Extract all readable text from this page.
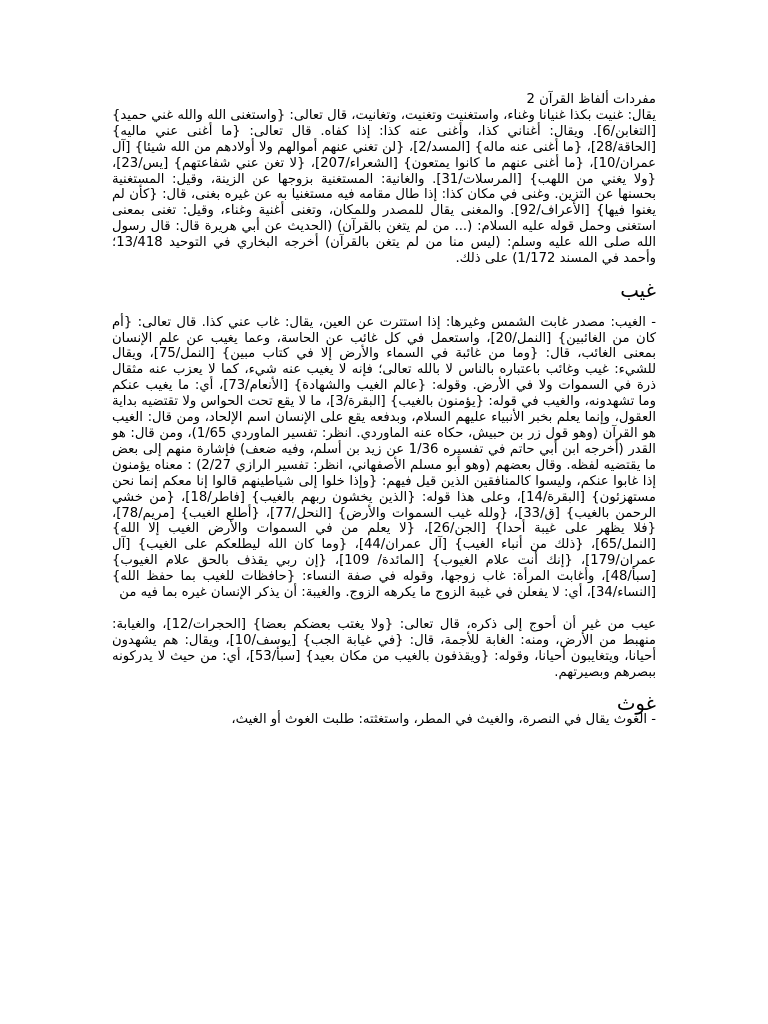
مفردات ألفاظ القرآن 2

يقال: غنيت بكذا غنيانا وغناء، واستغنيت وتغنيت، وتغانيت، قال تعالى: {واستغنى الله والله غني حميد} [التغابن/6]. ويقال: أغناني كذا، وأغنى عنه كذا: إذا كفاه. قال تعالى: {ما أغنى عني ماليه} [الحاقة/28]، {ما أغنى عنه ماله} [المسد/2]، {لن تغني عنهم أموالهم ولا أولادهم من الله شيئا} [آل عمران/10]، {ما أغنى عنهم ما كانوا يمتعون} [الشعراء/207]، {لا تغن عني شفاعتهم} [يس/23]، {ولا يغني من اللهب} [المرسلات/31]. والغانية: المستغنية بزوجها عن الزينة، وقيل: المستغنية بحسنها عن التزين. وغنى في مكان كذا: إذا طال مقامه فيه مستغنيا به عن غيره بغنى، قال: {كأن لم يغنوا فيها} [الأعراف/92]. والمغنى يقال للمصدر وللمكان، وتغنى أغنية وغناء، وقيل: تغنى بمعنى استغنى وحمل قوله عليه السلام: (... من لم يتغن بالقرآن) (الحديث عن أبي هريرة قال: قال رسول الله صلى الله عليه وسلم: (ليس منا من لم يتغن بالقرآن) أخرجه البخاري في التوحيد 13/418؛ وأحمد في المسند 1/172) على ذلك.

غيب

- الغيب: مصدر غابت الشمس وغيرها: إذا استترت عن العين، يقال: غاب عني كذا. قال تعالى: {أم كان من الغائبين} [النمل/20]، واستعمل في كل غائب عن الحاسة، وعما يغيب عن علم الإنسان بمعنى الغائب، قال: {وما من غائبة في السماء والأرض إلا في كتاب مبين} [النمل/75]، ويقال للشيء: غيب وغائب باعتباره بالناس لا بالله تعالى؛ فإنه لا يغيب عنه شيء، كما لا يعزب عنه مثقال ذرة في السموات ولا في الأرض. وقوله: {عالم الغيب والشهادة} [الأنعام/73]، أي: ما يغيب عنكم وما تشهدونه، والغيب في قوله: {يؤمنون بالغيب} [البقرة/3]، ما لا يقع تحت الحواس ولا تقتضيه بداية العقول، وإنما يعلم بخبر الأنبياء عليهم السلام، وبدفعه يقع على الإنسان اسم الإلحاد، ومن قال: الغيب هو القرآن (وهو قول زر بن حبيش، حكاه عنه الماوردي. انظر: تفسير الماوردي 1/65)، ومن قال: هو القدر (أخرجه ابن أبي حاتم في تفسيره 1/36 عن زيد بن أسلم، وفيه ضعف) فإشارة منهم إلى بعض ما يقتضيه لفظه. وقال بعضهم (وهو أبو مسلم الأصفهاني، انظر: تفسير الرازي 2/27) : معناه يؤمنون إذا غابوا عنكم، وليسوا كالمنافقين الذين قيل فيهم: {وإذا خلوا إلى شياطينهم قالوا إنا معكم إنما نحن مستهزئون} [البقرة/14]، وعلى هذا قوله: {الذين يخشون ربهم بالغيب} [فاطر/18]، {من خشي الرحمن بالغيب} [ق/33]، {ولله غيب السموات والأرض} [النحل/77]، {أطلع الغيب} [مريم/78]، {فلا يظهر على غيبة أحدا} [الجن/26]، {لا يعلم من في السموات والأرض الغيب إلا الله} [النمل/65]، {ذلك من أنباء الغيب} [آل عمران/44]، {وما كان الله ليطلعكم على الغيب} [آل عمران/179]، {إنك أنت علام الغيوب} [المائدة/ 109]، {إن ربي يقذف بالحق علام الغيوب} [سبأ/48]، وأغابت المرأة: غاب زوجها، وقوله في صفة النساء: {حافظات للغيب بما حفظ الله} [النساء/34]، أي: لا يفعلن في غيبة الزوج ما يكرهه الزوج. والغيبة: أن يذكر الإنسان غيره بما فيه من

عيب من غير أن أحوج إلى ذكره، قال تعالى: {ولا يغتب بعضكم بعضا} [الحجرات/12]، والغيابة: منهبط من الأرض، ومنه: الغابة للأجمة، قال: {في غيابة الجب} [يوسف/10]، ويقال: هم يشهدون أحيانا، ويتغايبون أحيانا، وقوله: {ويقذفون بالغيب من مكان بعيد} [سبأ/53]، أي: من حيث لا يدركونه ببصرهم وبصيرتهم.

غوث

- الغوث يقال في النصرة، والغيث في المطر، واستغثته: طلبت الغوث أو الغيث،
